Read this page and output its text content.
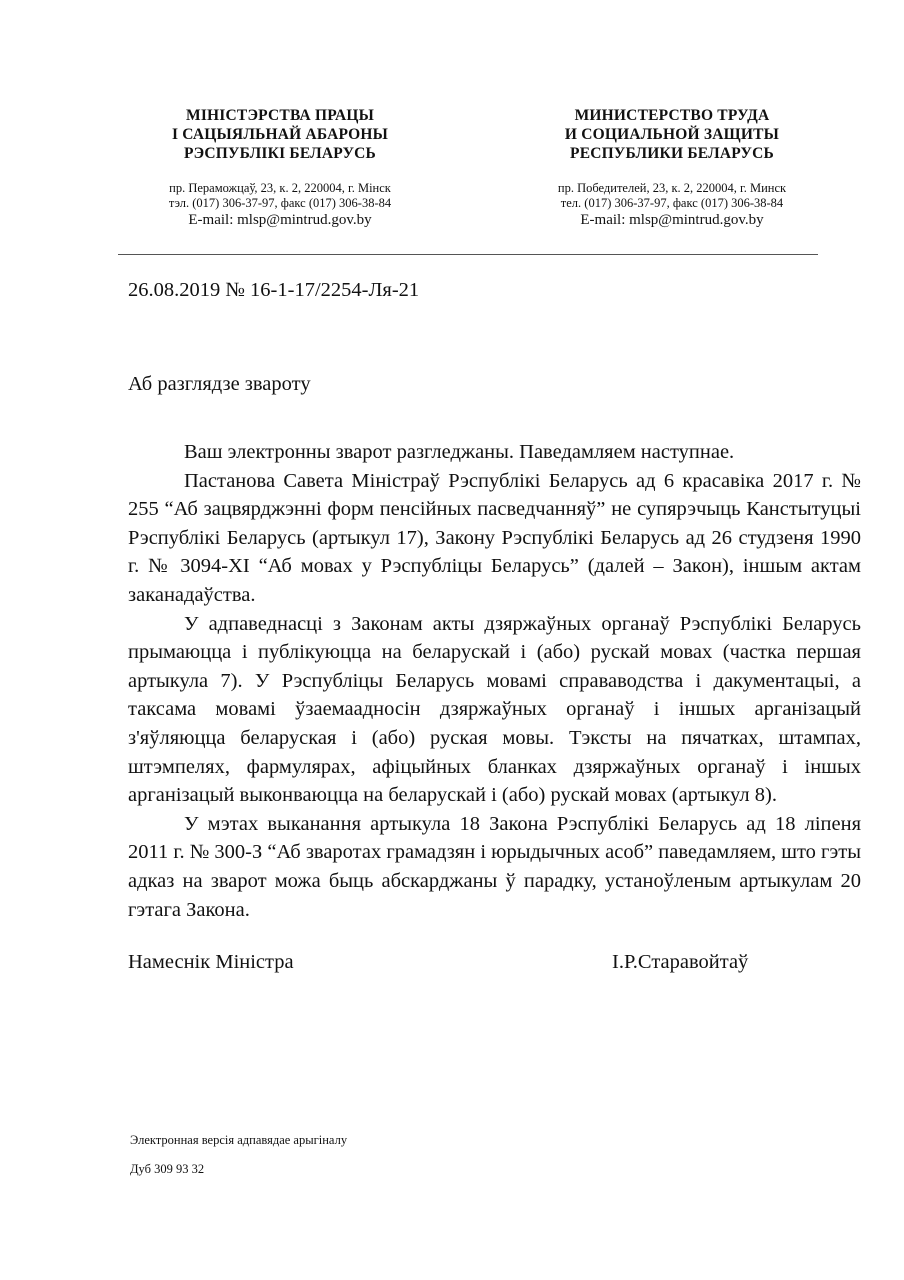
МІНІСТЭРСТВА ПРАЦЫ
І САЦЫЯЛЬНАЙ АБАРОНЫ
РЭСПУБЛІКІ БЕЛАРУСЬ
пр. Пераможцаў, 23, к. 2, 220004, г. Мінск
тэл. (017) 306-37-97, факс (017) 306-38-84
E-mail: mlsp@mintrud.gov.by
МИНИСТЕРСТВО ТРУДА
И СОЦИАЛЬНОЙ ЗАЩИТЫ
РЕСПУБЛИКИ БЕЛАРУСЬ
пр. Победителей, 23, к. 2, 220004, г. Минск
тел. (017) 306-37-97, факс (017) 306-38-84
E-mail: mlsp@mintrud.gov.by
26.08.2019 № 16-1-17/2254-Ля-21
Аб разглядзе звароту

Ваш электронны зварот разгледжаны. Паведамляем наступнае.

Пастанова Савета Міністраў Рэспублікі Беларусь ад 6 красавіка 2017 г. № 255 “Аб зацвярджэнні форм пенсійных пасведчанняў” не супярэчыць Канстытуцыі Рэспублікі Беларусь (артыкул 17), Закону Рэспублікі Беларусь ад 26 студзеня 1990 г. № 3094-XI “Аб мовах у Рэспубліцы Беларусь” (далей – Закон), іншым актам заканадаўства.

У адпаведнасці з Законам акты дзяржаўных органаў Рэспублікі Беларусь прымаюцца і публікуюцца на беларускай і (або) рускай мовах (частка першая артыкула 7). У Рэспубліцы Беларусь мовамі справаводства і дакументацыі, а таксама мовамі ўзаемаадносін дзяржаўных органаў і іншых арганізацый з'яўляюцца беларуская і (або) руская мовы. Тэксты на пячатках, штампах, штэмпелях, фармулярах, афіцыйных бланках дзяржаўных органаў і іншых арганізацый выконваюцца на беларускай і (або) рускай мовах (артыкул 8).

У мэтах выканання артыкула 18 Закона Рэспублікі Беларусь ад 18 ліпеня 2011 г. № 300-З “Аб зваротах грамадзян і юрыдычных асоб” паведамляем, што гэты адказ на зварот можа быць абскарджаны ў парадку, устаноўленым артыкулам 20 гэтага Закона.

Намеснік Міністра	І.Р.Старавойтаў
Электронная версія адпавядае арыгіналу
Дуб 309 93 32
